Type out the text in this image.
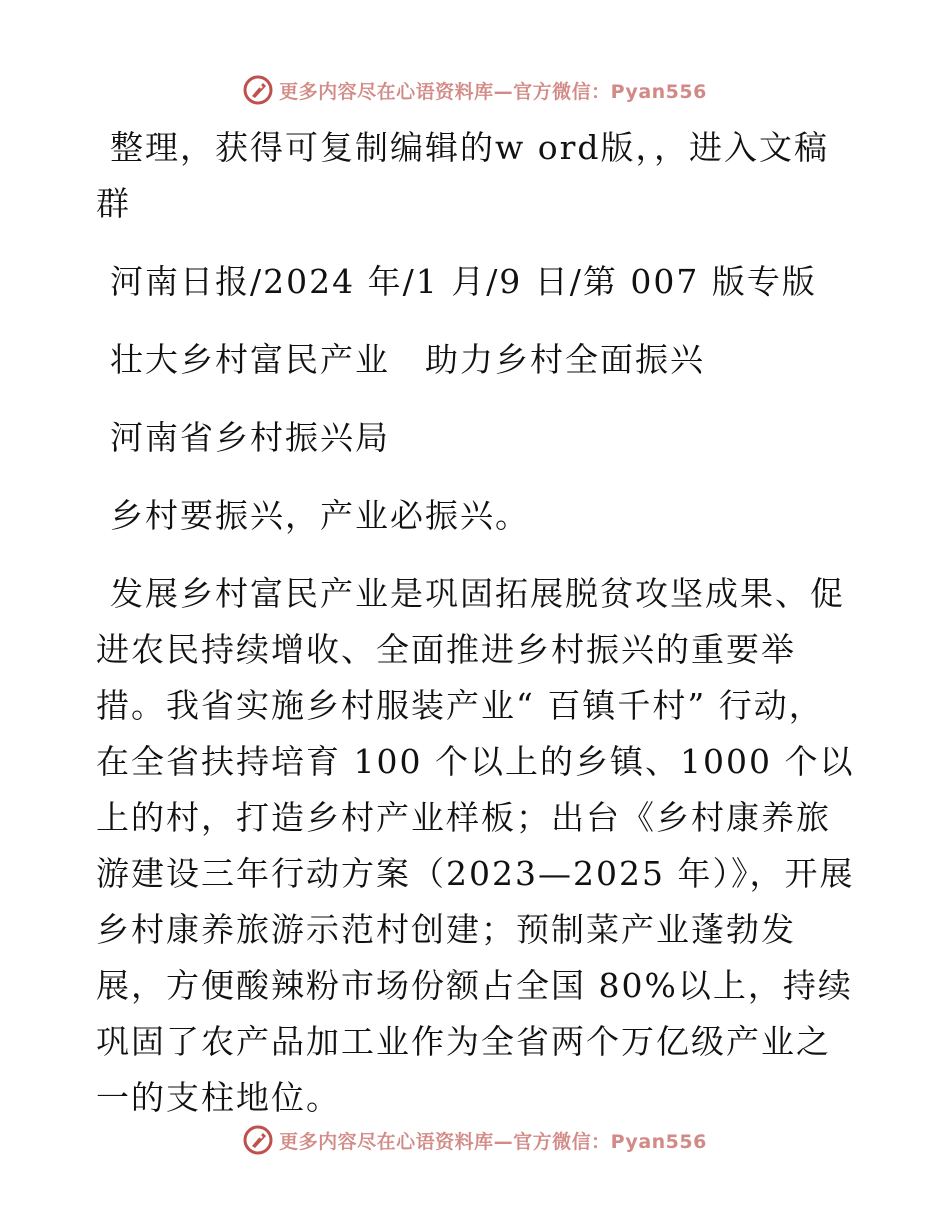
更多内容尽在心语资料库—官方微信：Pyan556

整理，获得可复制编辑的w ord版，，进入文稿群

河南日报/2024 年/1 月/9 日/第 007 版专版

壮大乡村富民产业　助力乡村全面振兴

河南省乡村振兴局

乡村要振兴，产业必振兴。

发展乡村富民产业是巩固拓展脱贫攻坚成果、促进农民持续增收、全面推进乡村振兴的重要举措。我省实施乡村服装产业“ 百镇千村” 行动，在全省扶持培育 100 个以上的乡镇、1000 个以上的村，打造乡村产业样板；出台《乡村康养旅游建设三年行动方案（2023—2025 年）》，开展乡村康养旅游示范村创建；预制菜产业蓬勃发展，方便酸辣粉市场份额占全国 80%以上，持续巩固了农产品加工业作为全省两个万亿级产业之一的支柱地位。

更多内容尽在心语资料库—官方微信：Pyan556
